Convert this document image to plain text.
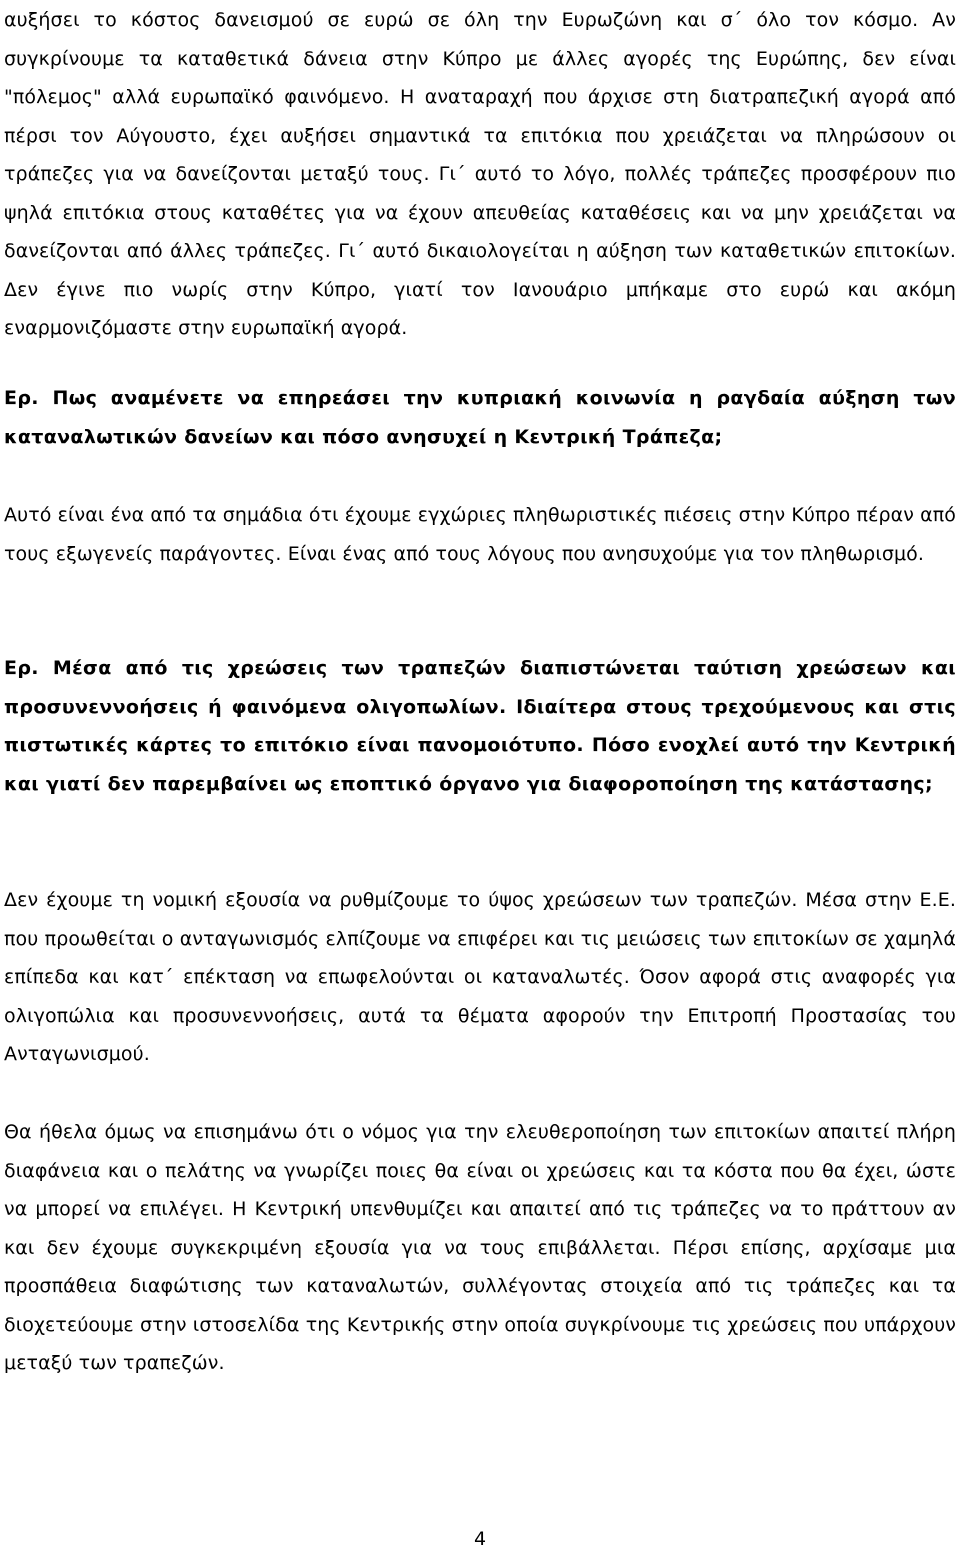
αυξήσει το κόστος δανεισμού σε ευρώ σε όλη την Ευρωζώνη και σ΄ όλο τον κόσμο. Αν συγκρίνουμε τα καταθετικά δάνεια στην Κύπρο με άλλες αγορές της Ευρώπης, δεν είναι "πόλεμος" αλλά ευρωπαϊκό φαινόμενο. Η αναταραχή που άρχισε στη διατραπεζική αγορά από πέρσι τον Αύγουστο, έχει αυξήσει σημαντικά τα επιτόκια που χρειάζεται να πληρώσουν οι τράπεζες για να δανείζονται μεταξύ τους. Γι΄ αυτό το λόγο, πολλές τράπεζες προσφέρουν πιο ψηλά επιτόκια στους καταθέτες για να έχουν απευθείας καταθέσεις και να μην χρειάζεται να δανείζονται από άλλες τράπεζες. Γι΄ αυτό δικαιολογείται η αύξηση των καταθετικών επιτοκίων. Δεν έγινε πιο νωρίς στην Κύπρο, γιατί τον Ιανουάριο μπήκαμε στο ευρώ και ακόμη εναρμονιζόμαστε στην ευρωπαϊκή αγορά.

Ερ. Πως αναμένετε να επηρεάσει την κυπριακή κοινωνία η ραγδαία αύξηση των καταναλωτικών δανείων και πόσο ανησυχεί η Κεντρική Τράπεζα;

Αυτό είναι ένα από τα σημάδια ότι έχουμε εγχώριες πληθωριστικές πιέσεις στην Κύπρο πέραν από τους εξωγενείς παράγοντες. Είναι ένας από τους λόγους που ανησυχούμε για τον πληθωρισμό.

Ερ. Μέσα από τις χρεώσεις των τραπεζών διαπιστώνεται ταύτιση χρεώσεων και προσυνεννοήσεις ή φαινόμενα ολιγοπωλίων. Ιδιαίτερα στους τρεχούμενους και στις πιστωτικές κάρτες το επιτόκιο είναι πανομοιότυπο. Πόσο ενοχλεί αυτό την Κεντρική και γιατί δεν παρεμβαίνει ως εποπτικό όργανο για διαφοροποίηση της κατάστασης;

Δεν έχουμε τη νομική εξουσία να ρυθμίζουμε το ύψος χρεώσεων των τραπεζών. Μέσα στην Ε.Ε. που προωθείται ο ανταγωνισμός ελπίζουμε να επιφέρει και τις μειώσεις των επιτοκίων σε χαμηλά επίπεδα και κατ΄ επέκταση να επωφελούνται οι καταναλωτές. Όσον αφορά στις αναφορές για ολιγοπώλια και προσυνεννοήσεις, αυτά τα θέματα αφορούν την Επιτροπή Προστασίας του Ανταγωνισμού.

Θα ήθελα όμως να επισημάνω ότι ο νόμος για την ελευθεροποίηση των επιτοκίων απαιτεί πλήρη διαφάνεια και ο πελάτης να γνωρίζει ποιες θα είναι οι χρεώσεις και τα κόστα που θα έχει, ώστε να μπορεί να επιλέγει. Η Κεντρική υπενθυμίζει και απαιτεί από τις τράπεζες να το πράττουν αν και δεν έχουμε συγκεκριμένη εξουσία για να τους επιβάλλεται. Πέρσι επίσης, αρχίσαμε μια προσπάθεια διαφώτισης των καταναλωτών, συλλέγοντας στοιχεία από τις τράπεζες και τα διοχετεύουμε στην ιστοσελίδα της Κεντρικής στην οποία συγκρίνουμε τις χρεώσεις που υπάρχουν μεταξύ των τραπεζών.

4
